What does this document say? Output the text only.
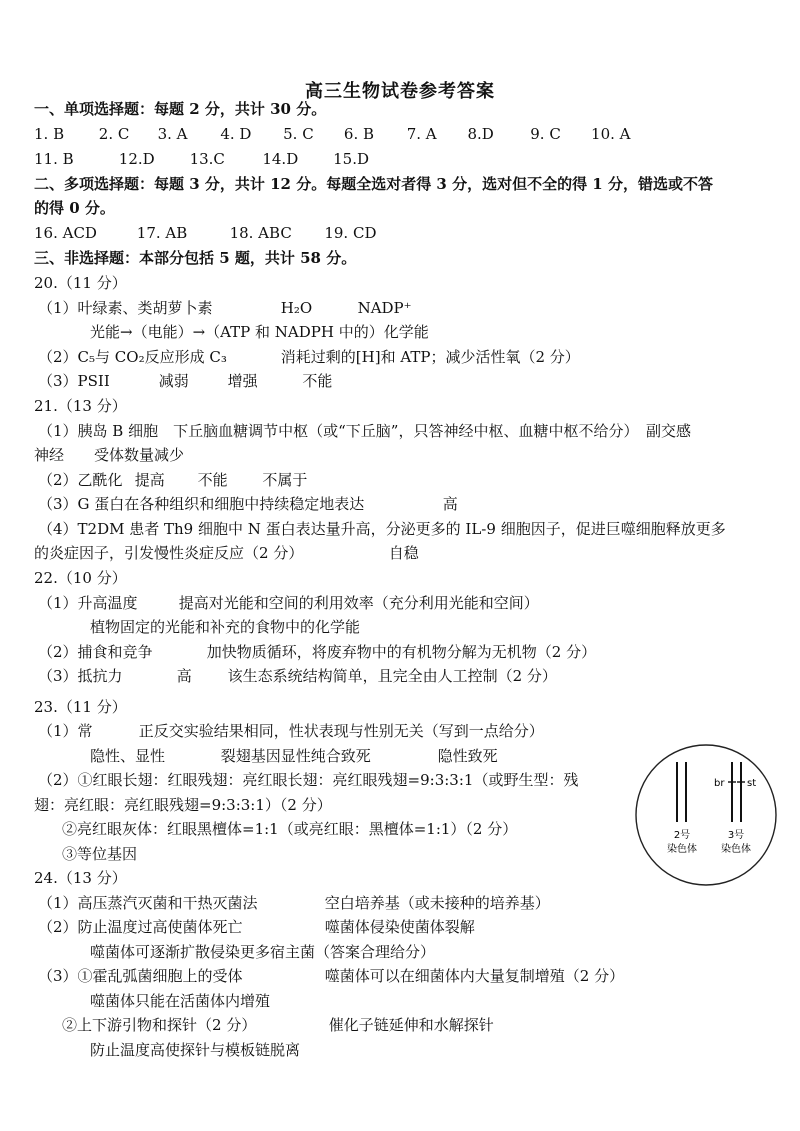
高三生物试卷参考答案
一、单项选择题：每题 2 分，共计 30 分。
1. B 2. C 3. A 4. D 5. C 6. B 7. A 8.D 9. C 10. A
11. B	12.D 13.C 14.D 15.D
二、多项选择题：每题 3 分，共计 12 分。每题全选对者得 3 分，选对但不全的得 1 分，错选或不答
的得 0 分。
16. ACD	17. AB	18. ABC 19. CD
三、非选择题：本部分包括 5 题，共计 58 分。
20.（11 分）
（1）叶绿素、类胡萝卜素	H₂O	NADP⁺
光能→（电能）→（ATP 和 NADPH 中的）化学能
（2）C₅与 CO₂反应形成 C₃	消耗过剩的[H]和 ATP；减少活性氧（2 分）
（3）PSII	减弱	增强	不能
21.（13 分）
（1）胰岛 B 细胞　下丘脑血糖调节中枢（或“下丘脑”，只答神经中枢、血糖中枢不给分）　副交感
神经　　受体数量减少
（2）乙酰化 提高 不能 不属于
（3）G 蛋白在各种组织和细胞中持续稳定地表达	高
（4）T2DM 患者 Th9 细胞中 N 蛋白表达量升高，分泌更多的 IL-9 细胞因子，促进巨噬细胞释放更多
的炎症因子，引发慢性炎症反应（2 分）	自稳
22.（10 分）
（1）升高温度	提高对光能和空间的利用效率（充分利用光能和空间）
植物固定的光能和补充的食物中的化学能
（2）捕食和竞争	加快物质循环，将废弃物中的有机物分解为无机物（2 分）
（3）抵抗力	高 该生态系统结构简单，且完全由人工控制（2 分）
23.（11 分）
（1）常	正反交实验结果相同，性状表现与性别无关（写到一点给分）
隐性、显性	裂翅基因显性纯合致死	隐性致死
（2）①红眼长翅：红眼残翅：亮红眼长翅：亮红眼残翅=9:3:3:1（或野生型：残
翅：亮红眼：亮红眼残翅=9:3:3:1）（2 分）
②亮红眼灰体：红眼黑檀体=1:1（或亮红眼：黑檀体=1:1）（2 分）
③等位基因
br st
2号
染色体
3号
染色体
24.（13 分）
（1）高压蒸汽灭菌和干热灭菌法	空白培养基（或未接种的培养基）
（2）防止温度过高使菌体死亡	噬菌体侵染使菌体裂解
噬菌体可逐渐扩散侵染更多宿主菌（答案合理给分）
（3）①霍乱弧菌细胞上的受体	噬菌体可以在细菌体内大量复制增殖（2 分）
噬菌体只能在活菌体内增殖
②上下游引物和探针（2 分）	催化子链延伸和水解探针
防止温度高使探针与模板链脱离
